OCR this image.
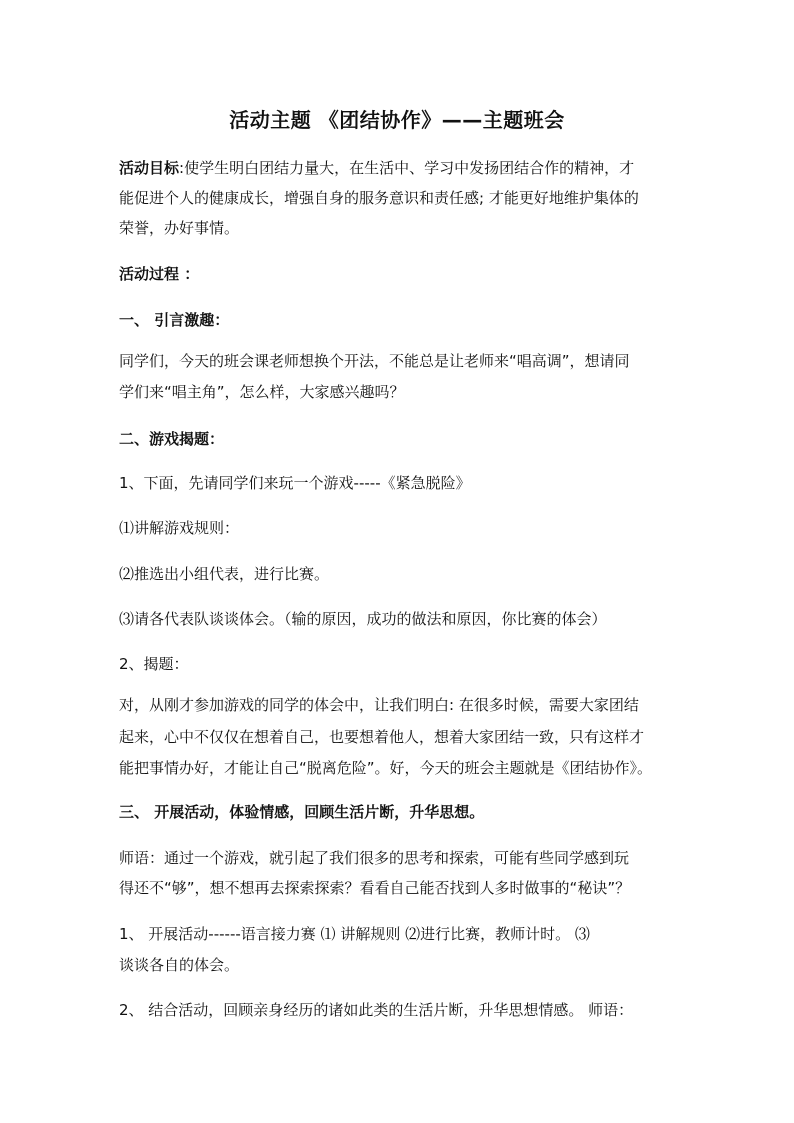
活动主题 《团结协作》——主题班会
活动目标:使学生明白团结力量大，在生活中、学习中发扬团结合作的精神，才
能促进个人的健康成长，增强自身的服务意识和责任感; 才能更好地维护集体的
荣誉，办好事情。
活动过程 ：
一、 引言激趣：
同学们，今天的班会课老师想换个开法，不能总是让老师来“唱高调”，想请同
学们来“唱主角”，怎么样，大家感兴趣吗？
二、游戏揭题：
1、下面，先请同学们来玩一个游戏-----《紧急脱险》
⑴讲解游戏规则：
⑵推选出小组代表，进行比赛。
⑶请各代表队谈谈体会。（输的原因，成功的做法和原因，你比赛的体会）
2、揭题：
对，从刚才参加游戏的同学的体会中，让我们明白: 在很多时候，需要大家团结
起来，心中不仅仅在想着自己，也要想着他人，想着大家团结一致，只有这样才
能把事情办好，才能让自己“脱离危险”。好，今天的班会主题就是《团结协作》。
三、 开展活动，体验情感，回顾生活片断，升华思想。
师语：通过一个游戏，就引起了我们很多的思考和探索，可能有些同学感到玩
得还不“够”，想不想再去探索探索？看看自己能否找到人多时做事的“秘诀”？
1、 开展活动------语言接力赛 ⑴ 讲解规则 ⑵进行比赛，教师计时。 ⑶
谈谈各自的体会。
2、 结合活动，回顾亲身经历的诸如此类的生活片断，升华思想情感。 师语：
